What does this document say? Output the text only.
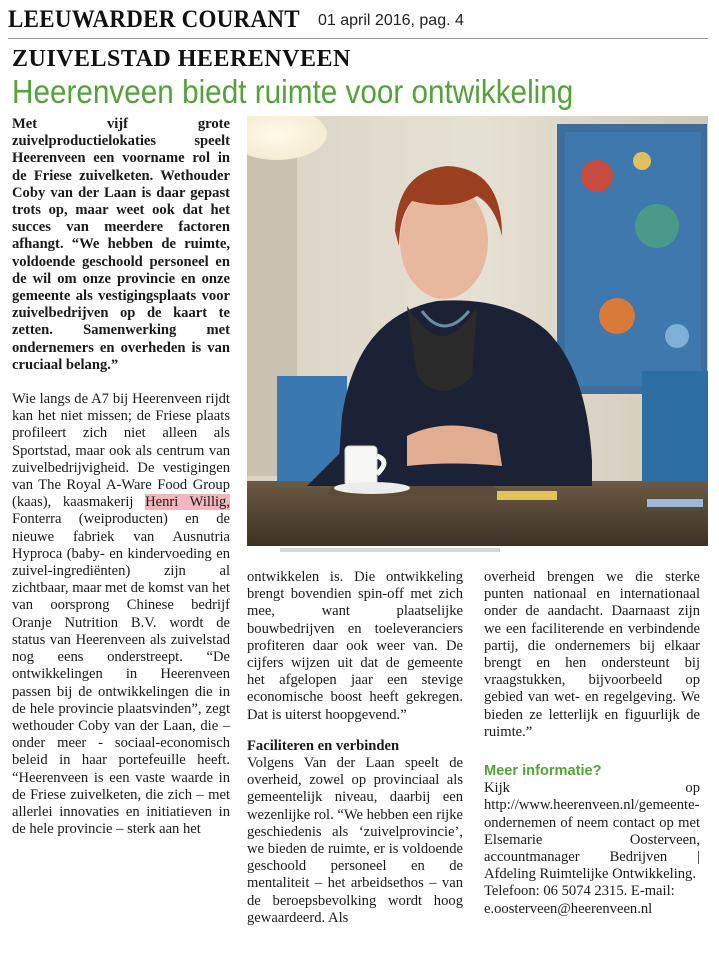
LEEUWARDER COURANT 01 april 2016, pag. 4
ZUIVELSTAD HEERENVEEN
Heerenveen biedt ruimte voor ontwikkeling

Met vijf grote zuivelproductielokaties speelt Heerenveen een voorname rol in de Friese zuivelketen. Wethouder Coby van der Laan is daar gepast trots op, maar weet ook dat het succes van meerdere factoren afhangt. “We hebben de ruimte, voldoende geschoold personeel en de wil om onze provincie en onze gemeente als vestigingsplaats voor zuivelbedrijven op de kaart te zetten. Samenwerking met ondernemers en overheden is van cruciaal belang.”

Wie langs de A7 bij Heerenveen rijdt kan het niet missen; de Friese plaats profileert zich niet alleen als Sportstad, maar ook als centrum van zuivelbedrijvigheid. De vestigingen van The Royal A-Ware Food Group (kaas), kaasmakerij Henri Willig, Fonterra (weiproducten) en de nieuwe fabriek van Ausnutria Hyproca (baby- en kindervoeding en zuivel-ingrediënten) zijn al zichtbaar, maar met de komst van het van oorsprong Chinese bedrijf Oranje Nutrition B.V. wordt de status van Heerenveen als zuivelstad nog eens onderstreept. “De ontwikkelingen in Heerenveen passen bij de ontwikkelingen die in de hele provincie plaatsvinden”, zegt wethouder Coby van der Laan, die – onder meer - sociaal-economisch beleid in haar portefeuille heeft. “Heerenveen is een vaste waarde in de Friese zuivelketen, die zich – met allerlei innovaties en initiatieven in de hele provincie – sterk aan het

ontwikkelen is. Die ontwikkeling brengt bovendien spin-off met zich mee, want plaatselijke bouwbedrijven en toeleveranciers profiteren daar ook weer van. De cijfers wijzen uit dat de gemeente het afgelopen jaar een stevige economische boost heeft gekregen. Dat is uiterst hoopgevend.”

Faciliteren en verbinden

Volgens Van der Laan speelt de overheid, zowel op provinciaal als gemeentelijk niveau, daarbij een wezenlijke rol. “We hebben een rijke geschiedenis als ‘zuivelprovincie’, we bieden de ruimte, er is voldoende geschoold personeel en de mentaliteit – het arbeidsethos – van de beroepsbevolking wordt hoog gewaardeerd. Als

overheid brengen we die sterke punten nationaal en internationaal onder de aandacht. Daarnaast zijn we een faciliterende en verbindende partij, die ondernemers bij elkaar brengt en hen ondersteunt bij vraagstukken, bijvoorbeeld op gebied van wet- en regelgeving. We bieden ze letterlijk en figuurlijk de ruimte.”

Meer informatie?

Kijk op http://www.heerenveen.nl/gemeente-ondernemen of neem contact op met Elsemarie Oosterveen, accountmanager Bedrijven | Afdeling Ruimtelijke Ontwikkeling.

Telefoon: 06 5074 2315. E-mail:

e.oosterveen@heerenveen.nl
